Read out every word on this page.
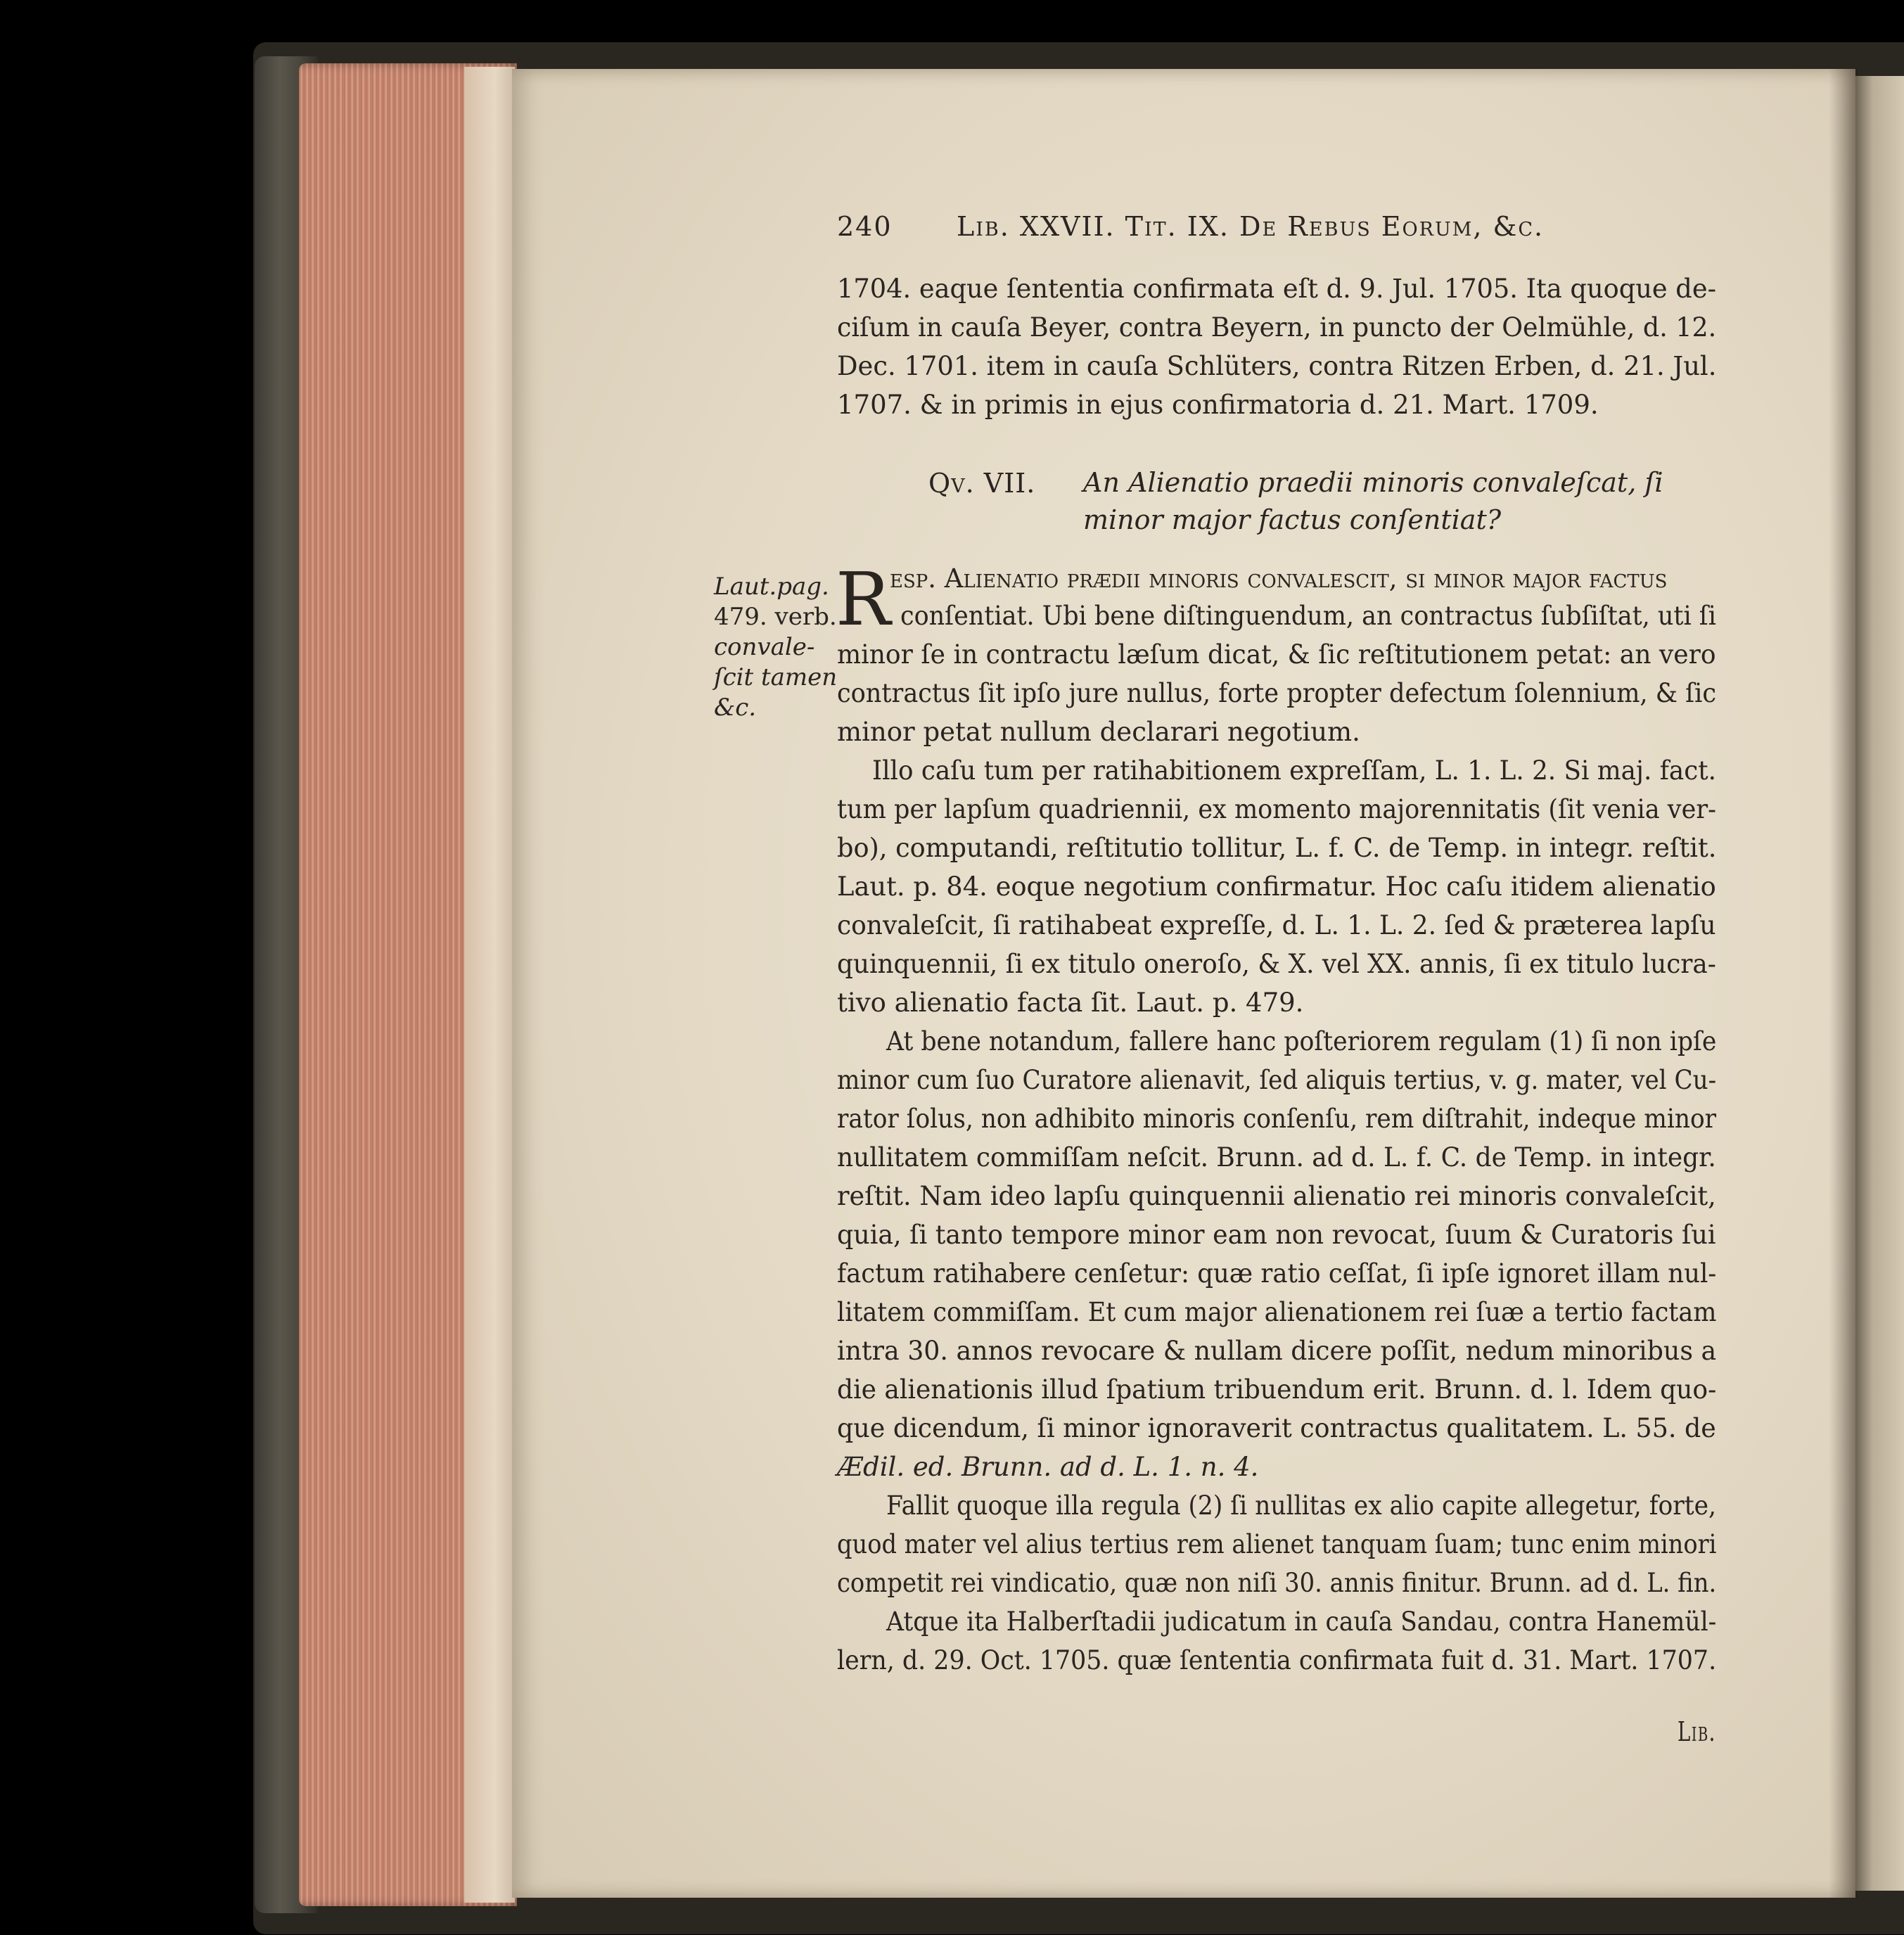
240 Lib. XXVII. Tit. IX. De Rebus Eorum, &c.

1704. eaque ſententia confirmata eſt d. 9. Jul. 1705. Ita quoque de-

ciſum in cauſa Beyer, contra Beyern, in puncto der Oelmühle, d. 12.

Dec. 1701. item in cauſa Schlüters, contra Ritzen Erben, d. 21. Jul.

1707. & in primis in ejus confirmatoria d. 21. Mart. 1709.

Qv. VII. An Alienatio praedii minoris convaleſcat, ſi

minor major factus conſentiat?

Laut.pag.

479. verb.

convale-

ſcit tamen

&c.

R

esp. Alienatio prædii minoris convaleſcit, ſi minor major factus

conſentiat. Ubi bene diſtinguendum, an contractus ſubſiſtat, uti ſi

minor ſe in contractu læſum dicat, & ſic reſtitutionem petat: an vero

contractus ſit ipſo jure nullus, forte propter defectum ſolennium, & ſic

minor petat nullum declarari negotium.

Illo caſu tum per ratihabitionem expreſſam, L. 1. L. 2. Si maj. fact.

tum per lapſum quadriennii, ex momento majorennitatis (ſit venia ver-

bo), computandi, reſtitutio tollitur, L. f. C. de Temp. in integr. reſtit.

Laut. p. 84. eoque negotium confirmatur. Hoc caſu itidem alienatio

convaleſcit, ſi ratihabeat expreſſe, d. L. 1. L. 2. ſed & præterea lapſu

quinquennii, ſi ex titulo oneroſo, & X. vel XX. annis, ſi ex titulo lucra-

tivo alienatio facta ſit. Laut. p. 479.

At bene notandum, fallere hanc poſteriorem regulam (1) ſi non ipſe

minor cum ſuo Curatore alienavit, ſed aliquis tertius, v. g. mater, vel Cu-

rator ſolus, non adhibito minoris conſenſu, rem diſtrahit, indeque minor

nullitatem commiſſam neſcit. Brunn. ad d. L. f. C. de Temp. in integr.

reſtit. Nam ideo lapſu quinquennii alienatio rei minoris convaleſcit,

quia, ſi tanto tempore minor eam non revocat, ſuum & Curatoris ſui

factum ratihabere cenſetur: quæ ratio ceſſat, ſi ipſe ignoret illam nul-

litatem commiſſam. Et cum major alienationem rei ſuæ a tertio factam

intra 30. annos revocare & nullam dicere poſſit, nedum minoribus a

die alienationis illud ſpatium tribuendum erit. Brunn. d. l. Idem quo-

que dicendum, ſi minor ignoraverit contractus qualitatem. L. 55. de

Ædil. ed. Brunn. ad d. L. 1. n. 4.

Fallit quoque illa regula (2) ſi nullitas ex alio capite allegetur, forte,

quod mater vel alius tertius rem alienet tanquam ſuam; tunc enim minori

competit rei vindicatio, quæ non niſi 30. annis finitur. Brunn. ad d. L. fin.

Atque ita Halberſtadii judicatum in cauſa Sandau, contra Hanemül-

lern, d. 29. Oct. 1705. quæ ſententia confirmata fuit d. 31. Mart. 1707.

Lib.
